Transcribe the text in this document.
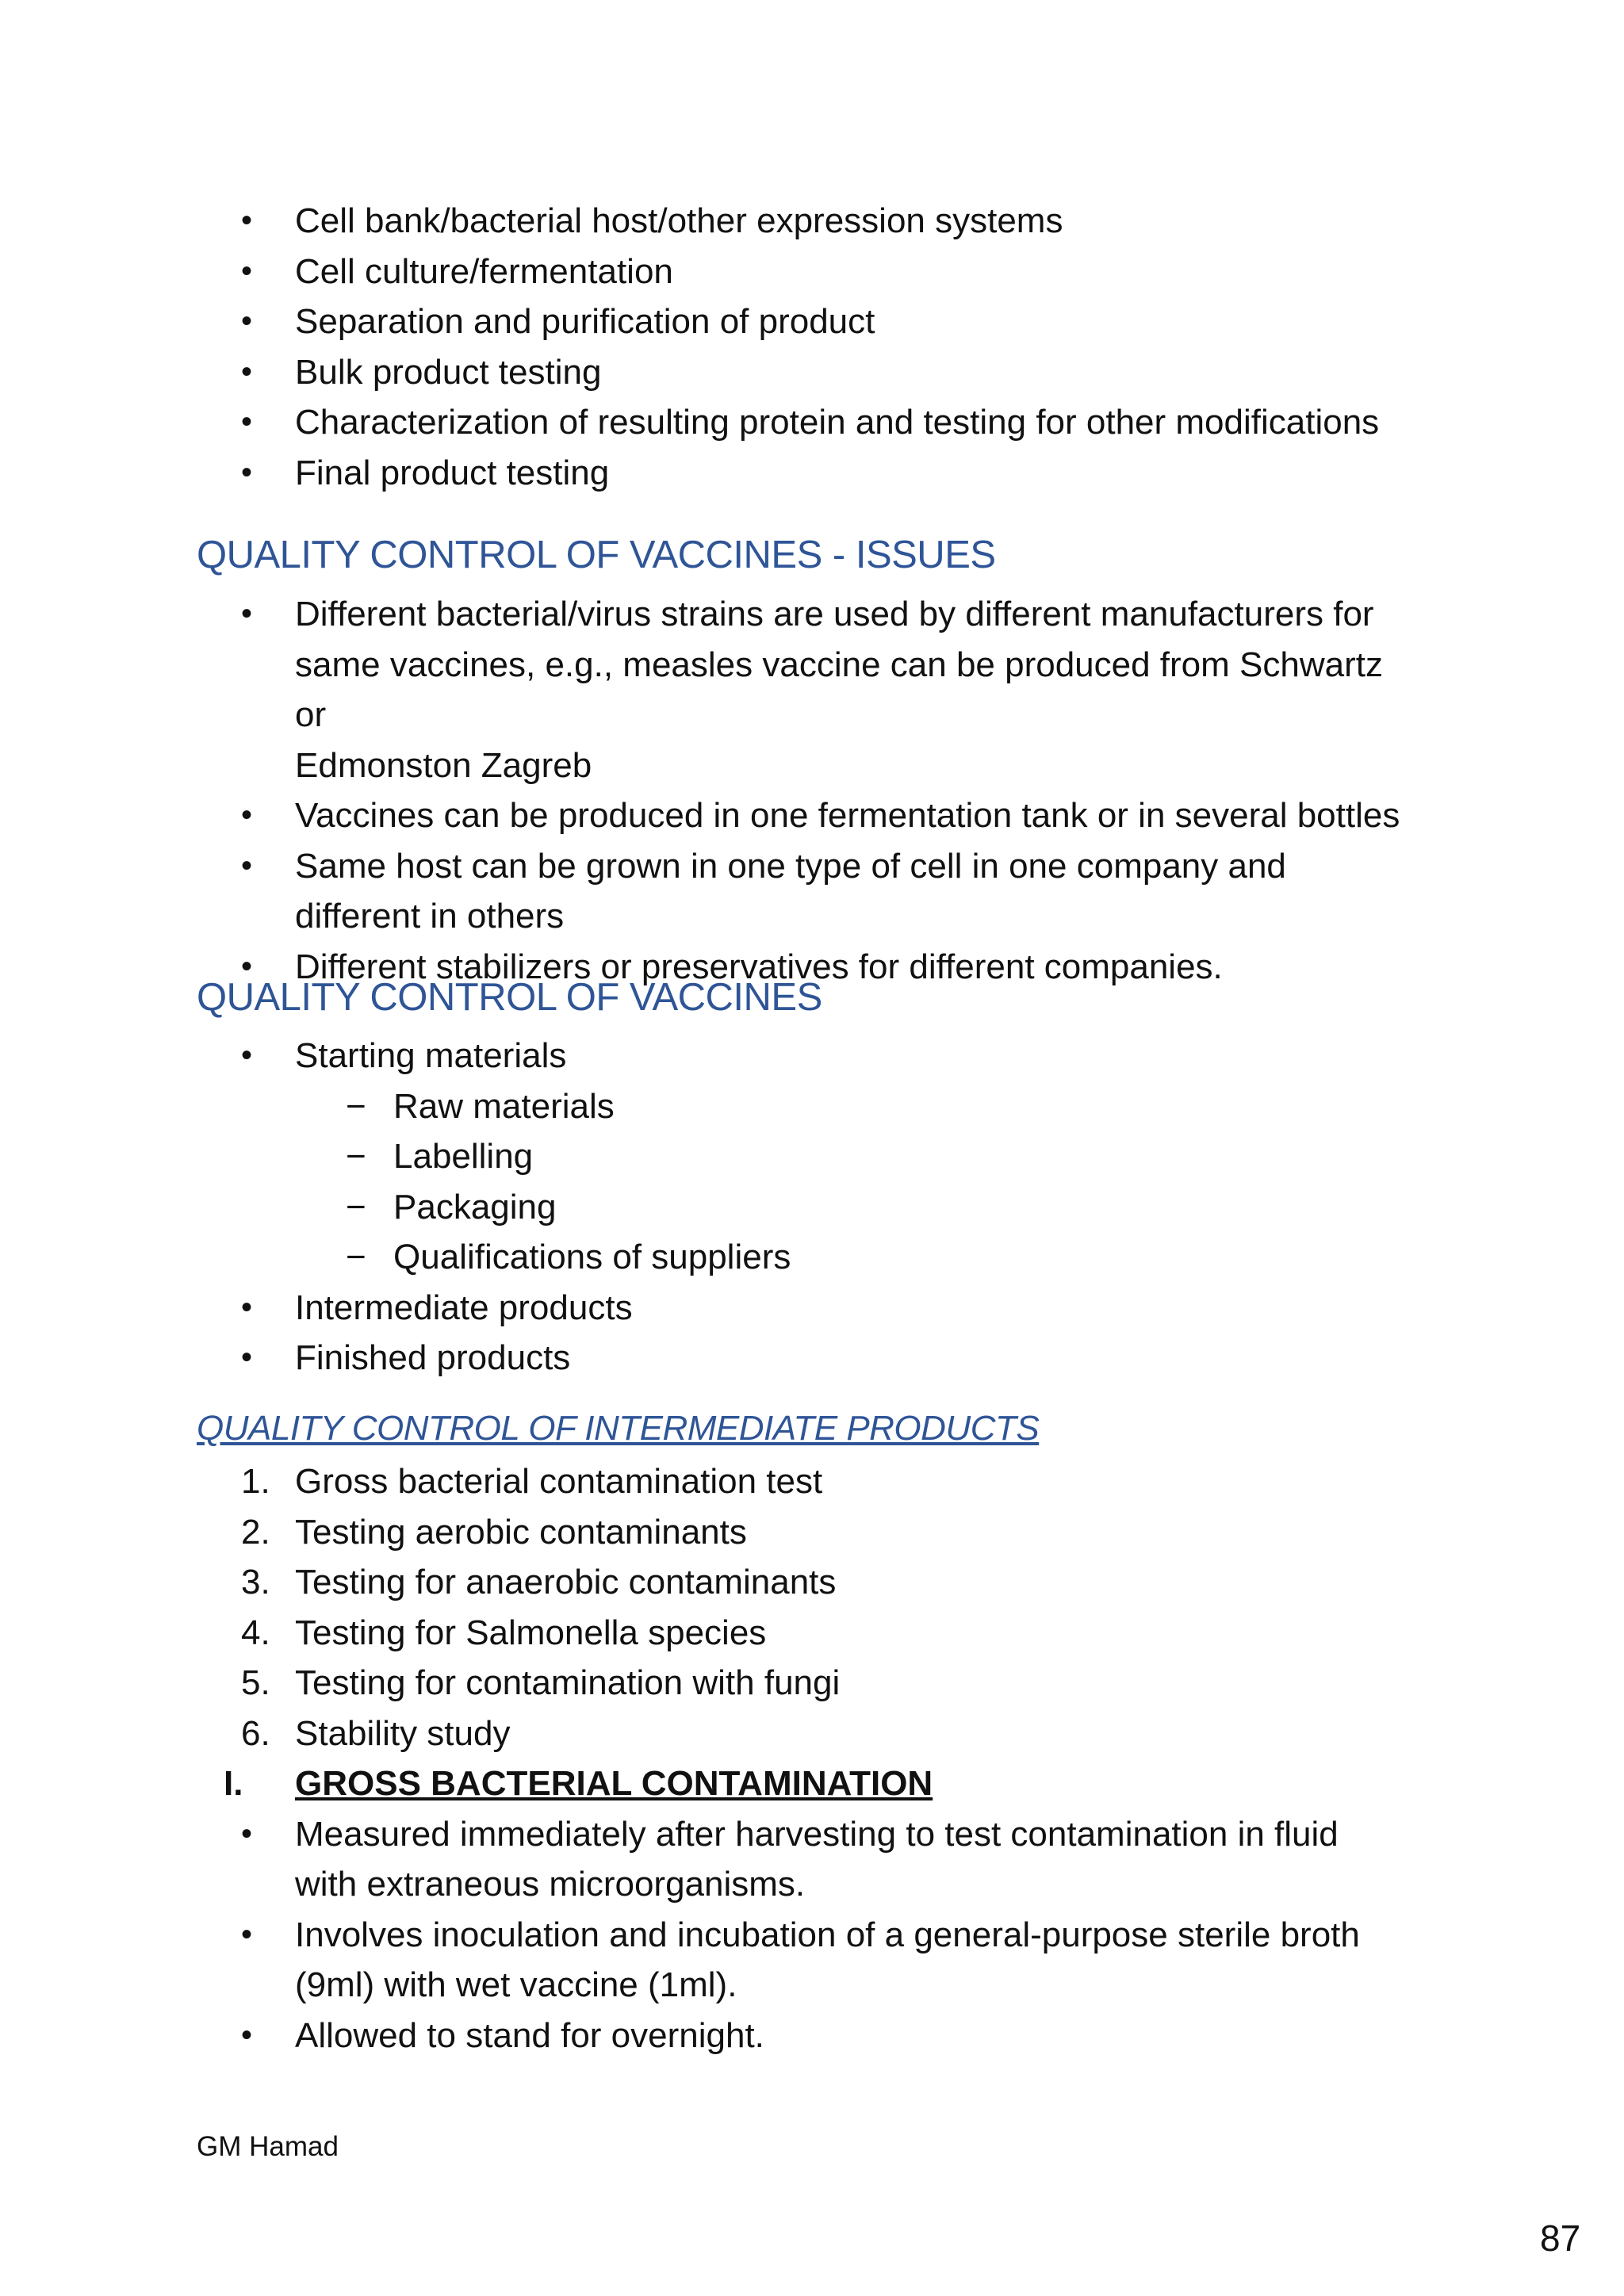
• Cell bank/bacterial host/other expression systems
• Cell culture/fermentation
• Separation and purification of product
• Bulk product testing
• Characterization of resulting protein and testing for other modifications
• Final product testing
QUALITY CONTROL OF VACCINES - ISSUES
• Different bacterial/virus strains are used by different manufacturers for
same vaccines, e.g., measles vaccine can be produced from Schwartz or
Edmonston Zagreb
• Vaccines can be produced in one fermentation tank or in several bottles
• Same host can be grown in one type of cell in one company and
different in others
• Different stabilizers or preservatives for different companies.
QUALITY CONTROL OF VACCINES
• Starting materials
− Raw materials
− Labelling
− Packaging
− Qualifications of suppliers
• Intermediate products
• Finished products
QUALITY CONTROL OF INTERMEDIATE PRODUCTS
1. Gross bacterial contamination test
2. Testing aerobic contaminants
3. Testing for anaerobic contaminants
4. Testing for Salmonella species
5. Testing for contamination with fungi
6. Stability study
I. GROSS BACTERIAL CONTAMINATION
• Measured immediately after harvesting to test contamination in fluid
with extraneous microorganisms.
• Involves inoculation and incubation of a general-purpose sterile broth
(9ml) with wet vaccine (1ml).
• Allowed to stand for overnight.
GM Hamad
87
